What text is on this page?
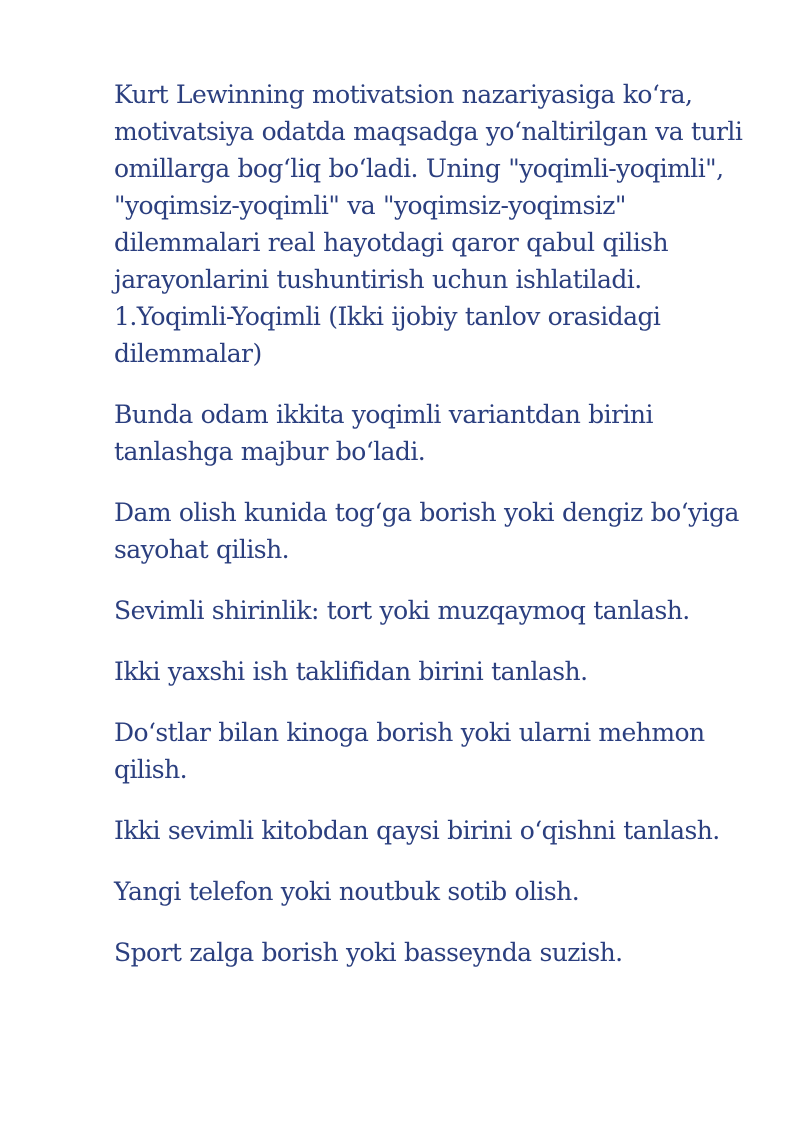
Kurt Lewinning motivatsion nazariyasiga ko‘ra, motivatsiya odatda maqsadga yo‘naltirilgan va turli omillarga bog‘liq bo‘ladi. Uning "yoqimli-yoqimli", "yoqimsiz-yoqimli" va "yoqimsiz-yoqimsiz" dilemmalari real hayotdagi qaror qabul qilish jarayonlarini tushuntirish uchun ishlatiladi. 1.Yoqimli-Yoqimli (Ikki ijobiy tanlov orasidagi dilemmalar)

Bunda odam ikkita yoqimli variantdan birini tanlashga majbur bo‘ladi.

Dam olish kunida tog‘ga borish yoki dengiz bo‘yiga sayohat qilish.

Sevimli shirinlik: tort yoki muzqaymoq tanlash.

Ikki yaxshi ish taklifidan birini tanlash.

Do‘stlar bilan kinoga borish yoki ularni mehmon qilish.

Ikki sevimli kitobdan qaysi birini o‘qishni tanlash.

Yangi telefon yoki noutbuk sotib olish.

Sport zalga borish yoki basseynda suzish.
